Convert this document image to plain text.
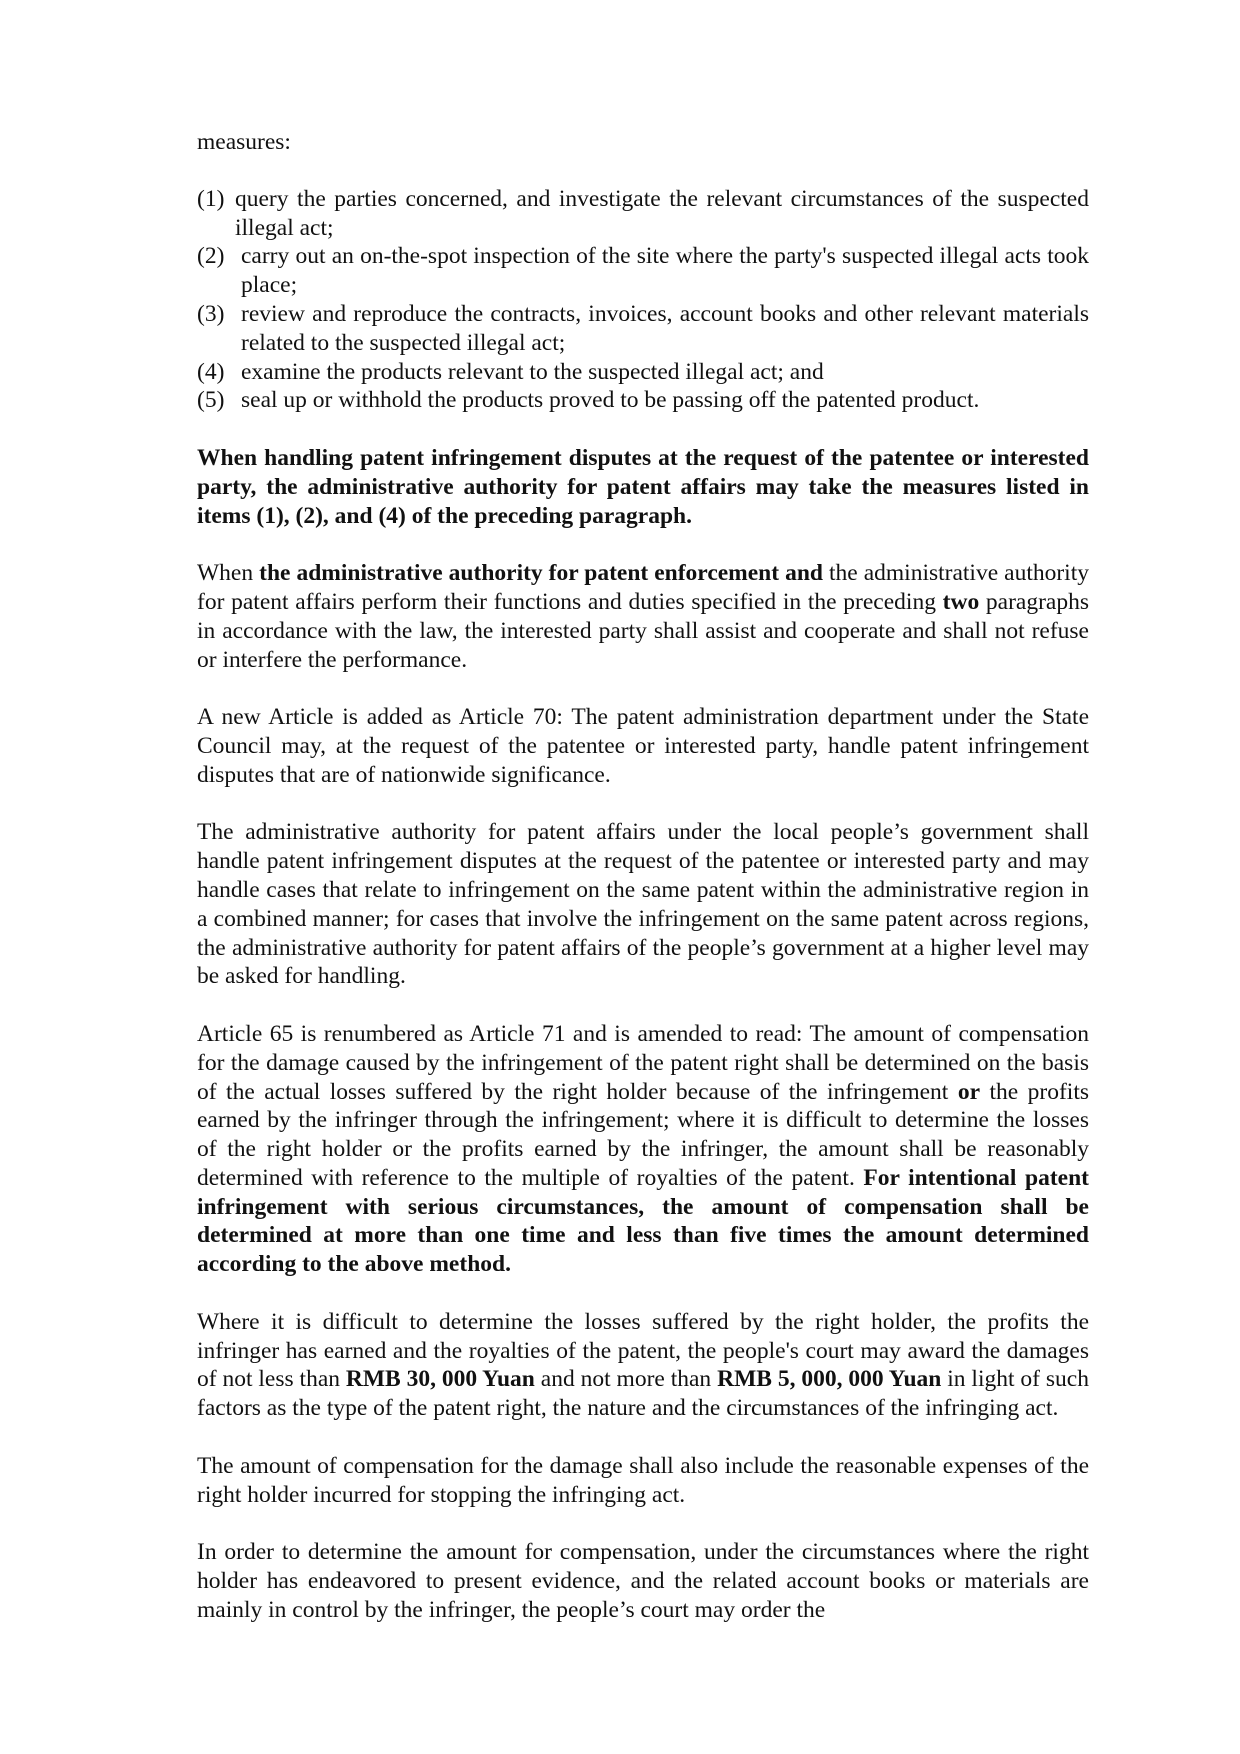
measures:

(1) query the parties concerned, and investigate the relevant circumstances of the suspected illegal act;
(2) carry out an on-the-spot inspection of the site where the party's suspected illegal acts took place;
(3) review and reproduce the contracts, invoices, account books and other relevant materials related to the suspected illegal act;
(4) examine the products relevant to the suspected illegal act; and
(5) seal up or withhold the products proved to be passing off the patented product.

When handling patent infringement disputes at the request of the patentee or interested party, the administrative authority for patent affairs may take the measures listed in items (1), (2), and (4) of the preceding paragraph.

When the administrative authority for patent enforcement and the administrative authority for patent affairs perform their functions and duties specified in the preceding two paragraphs in accordance with the law, the interested party shall assist and cooperate and shall not refuse or interfere the performance.

A new Article is added as Article 70: The patent administration department under the State Council may, at the request of the patentee or interested party, handle patent infringement disputes that are of nationwide significance.

The administrative authority for patent affairs under the local people’s government shall handle patent infringement disputes at the request of the patentee or interested party and may handle cases that relate to infringement on the same patent within the administrative region in a combined manner; for cases that involve the infringement on the same patent across regions, the administrative authority for patent affairs of the people’s government at a higher level may be asked for handling.

Article 65 is renumbered as Article 71 and is amended to read: The amount of compensation for the damage caused by the infringement of the patent right shall be determined on the basis of the actual losses suffered by the right holder because of the infringement or the profits earned by the infringer through the infringement; where it is difficult to determine the losses of the right holder or the profits earned by the infringer, the amount shall be reasonably determined with reference to the multiple of royalties of the patent. For intentional patent infringement with serious circumstances, the amount of compensation shall be determined at more than one time and less than five times the amount determined according to the above method.

Where it is difficult to determine the losses suffered by the right holder, the profits the infringer has earned and the royalties of the patent, the people's court may award the damages of not less than RMB 30, 000 Yuan and not more than RMB 5, 000, 000 Yuan in light of such factors as the type of the patent right, the nature and the circumstances of the infringing act.

The amount of compensation for the damage shall also include the reasonable expenses of the right holder incurred for stopping the infringing act.

In order to determine the amount for compensation, under the circumstances where the right holder has endeavored to present evidence, and the related account books or materials are mainly in control by the infringer, the people’s court may order the
